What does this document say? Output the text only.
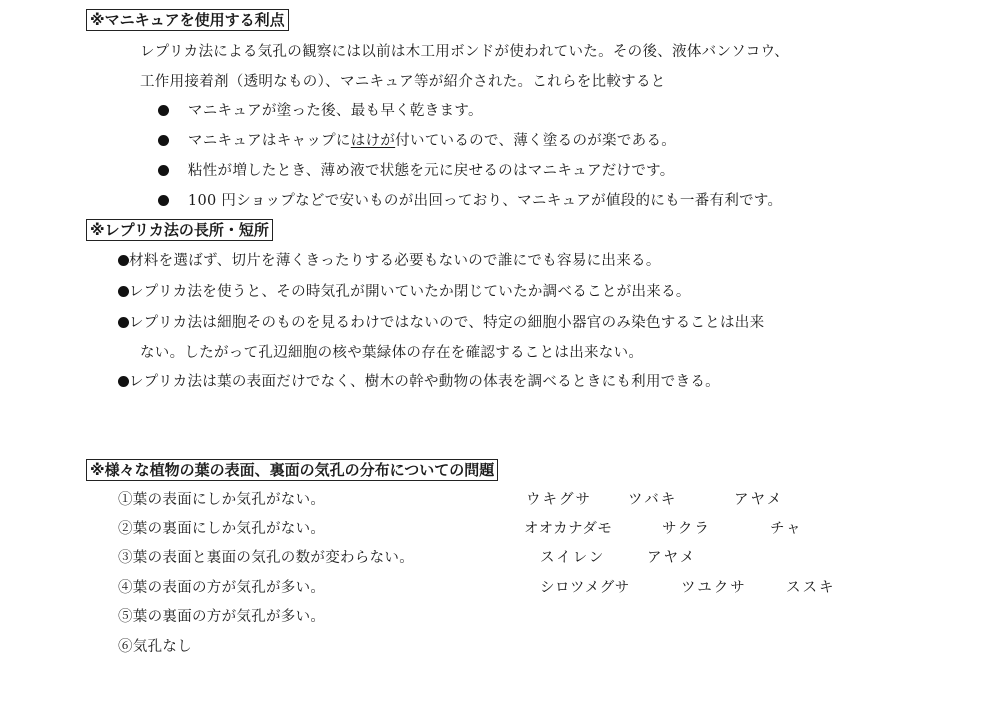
※マニキュアを使用する利点
レプリカ法による気孔の観察には以前は木工用ボンドが使われていた。その後、液体バンソコウ、
工作用接着剤（透明なもの）、マニキュア等が紹介された。これらを比較すると
マニキュアが塗った後、最も早く乾きます。
マニキュアはキャップにはけが付いているので、薄く塗るのが楽である。
粘性が増したとき、薄め液で状態を元に戻せるのはマニキュアだけです。
100 円ショップなどで安いものが出回っており、マニキュアが値段的にも一番有利です。
※レプリカ法の長所・短所
材料を選ばず、切片を薄くきったりする必要もないので誰にでも容易に出来る。
レプリカ法を使うと、その時気孔が開いていたか閉じていたか調べることが出来る。
レプリカ法は細胞そのものを見るわけではないので、特定の細胞小器官のみ染色することは出来
ない。したがって孔辺細胞の核や葉緑体の存在を確認することは出来ない。
レプリカ法は葉の表面だけでなく、樹木の幹や動物の体表を調べるときにも利用できる。
※様々な植物の葉の表面、裏面の気孔の分布についての問題
①葉の表面にしか気孔がない。	ウキグサ ツバキ	アヤメ
②葉の裏面にしか気孔がない。	オオカナダモ	サクラ	チャ
③葉の表面と裏面の気孔の数が変わらない。	スイレン	アヤメ
④葉の表面の方が気孔が多い。	シロツメグサ	ツユクサ	ススキ
⑤葉の裏面の方が気孔が多い。
⑥気孔なし
